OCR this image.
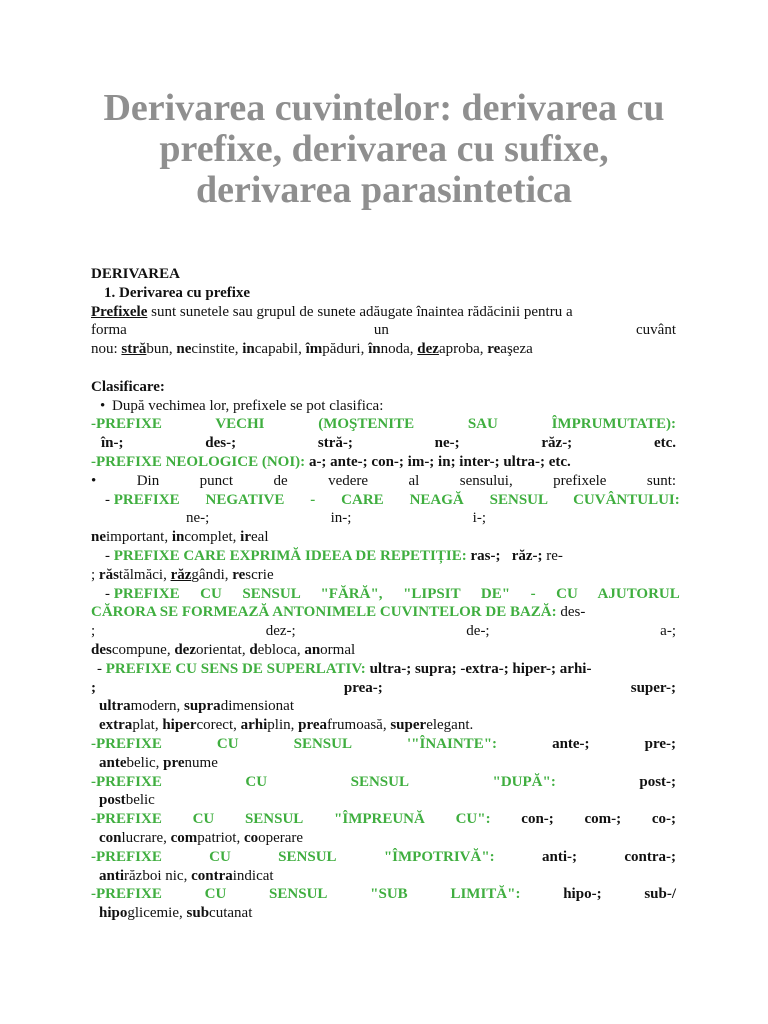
Derivarea cuvintelor: derivarea cu
prefixe, derivarea cu sufixe,
derivarea parasintetica
DERIVAREA
1. Derivarea cu prefixe
Prefixele sunt sunetele sau grupul de sunete adăugate înaintea rădăcinii pentru a
forma	un	cuvânt
nou: străbun, necinstite, incapabil, împăduri, înnoda, dezaproba, reaşeza
Clasificare:
• După vechimea lor, prefixele se pot clasifica:
-PREFIXE	VECHI	(MOŞTENITE	SAU	ÎMPRUMUTATE):
în-;	des-;	stră-;	ne-;	răz-;	etc.
-PREFIXE NEOLOGICE (NOI): a-; ante-; con-; im-; in; inter-; ultra-; etc.
•	Din	punct	de	vedere	al	sensului,	prefixele	sunt:
- PREFIXE NEGATIVE - CARE NEAGĂ SENSUL CUVÂNTULUI:
ne-;	in-;	i-;
neimportant, incomplet, ireal
- PREFIXE CARE EXPRIMĂ IDEEA DE REPETIȚIE: ras-; răz-; re-
; răstălmăci, răzgândi, rescrie
- PREFIXE CU SENSUL "FĂRĂ", "LIPSIT DE" - CU AJUTORUL
CĂRORA SE FORMEAZĂ ANTONIMELE CUVINTELOR DE BAZĂ: des-
;	dez-;	de-;	a-;
descompune, dezorientat, debloca, anormal
- PREFIXE CU SENS DE SUPERLATIV: ultra-; supra; -extra-; hiper-; arhi-
;	prea-;	super-;
ultramodern, supradimensionat
extraplat, hipercorect, arhiplin, preafrumoasă, superelegant.
-PREFIXE	CU	SENSUL	'"ÎNAINTE":	ante-;	pre-;
antebelic, prenume
-PREFIXE	CU	SENSUL	"DUPĂ":	post-;
postbelic
-PREFIXE CU SENSUL "ÎMPREUNĂ CU": con-; com-; co-;
conlucrare, compatriot, cooperare
-PREFIXE	CU	SENSUL	"ÎMPOTRIVĂ":	anti-;	contra-;
antirăzboi nic, contraindicat
-PREFIXE	CU	SENSUL	"SUB	LIMITĂ":	hipo-;	sub-/
hipoglicemie, subcutanat
